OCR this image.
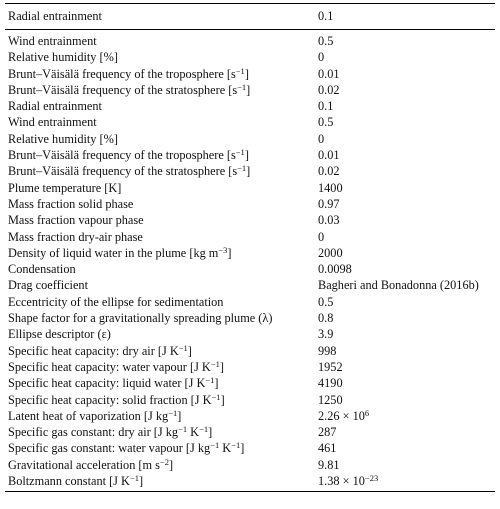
Radial entrainment	0.1
Wind entrainment	0.5
Relative humidity [%]	0
Brunt–Väisälä frequency of the troposphere $[s^{-1}]$	0.01
Brunt–Väisälä frequency of the stratosphere $[s^{-1}]$	0.02
Radial entrainment	0.1
Wind entrainment	0.5
Relative humidity [%]	0
Brunt–Väisälä frequency of the troposphere $[s^{-1}]$	0.01
Brunt–Väisälä frequency of the stratosphere $[s^{-1}]$	0.02
Plume temperature [K]	1400
Mass fraction solid phase	0.97
Mass fraction vapour phase	0.03
Mass fraction dry-air phase	0
Density of liquid water in the plume [kg $m^{-3}$]	2000
Condensation	0.0098
Drag coefficient	Bagheri and Bonadonna (2016b)
Eccentricity of the ellipse for sedimentation	0.5
Shape factor for a gravitationally spreading plume (λ)	0.8
Ellipse descriptor (ε)	3.9
Specific heat capacity: dry air [J $K^{-1}$]	998
Specific heat capacity: water vapour [J $K^{-1}$]	1952
Specific heat capacity: liquid water [J $K^{-1}$]	4190
Specific heat capacity: solid fraction [J $K^{-1}$]	1250
Latent heat of vaporization [J $kg^{-1}$]	$2.26 \times 10^6$
Specific gas constant: dry air [J $kg^{-1}$ $K^{-1}$]	287
Specific gas constant: water vapour [J $kg^{-1}$ $K^{-1}$]	461
Gravitational acceleration [m $s^{-2}$]	9.81
Boltzmann constant [J $K^{-1}$]	$1.38 \times 10^{-23}$
